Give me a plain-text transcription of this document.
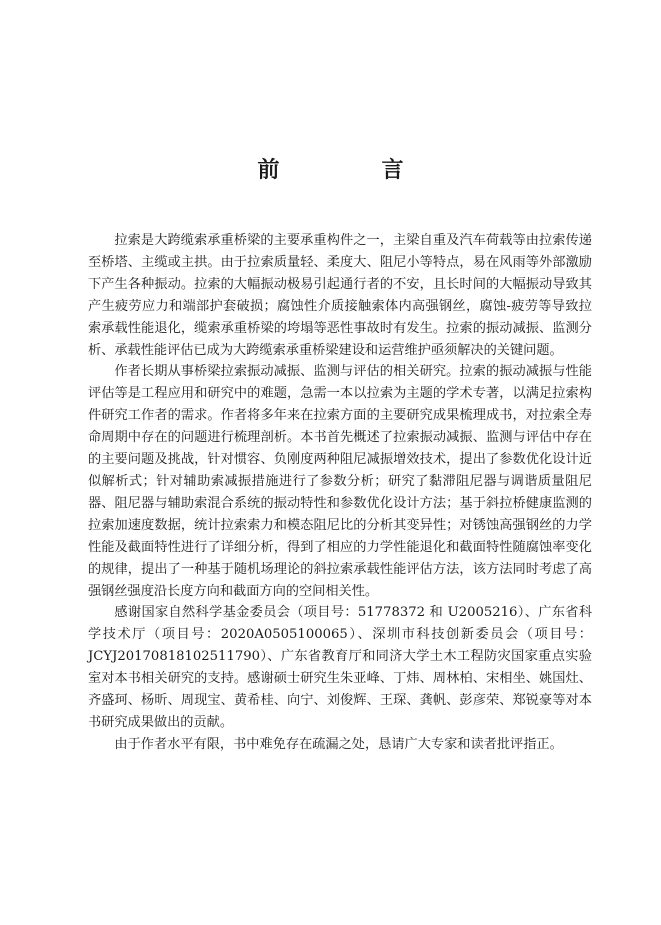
前　言

拉索是大跨缆索承重桥梁的主要承重构件之一，主梁自重及汽车荷载等由拉索传递至桥塔、主缆或主拱。由于拉索质量轻、柔度大、阻尼小等特点，易在风雨等外部激励下产生各种振动。拉索的大幅振动极易引起通行者的不安，且长时间的大幅振动导致其产生疲劳应力和端部护套破损；腐蚀性介质接触索体内高强钢丝，腐蚀-疲劳等导致拉索承载性能退化，缆索承重桥梁的垮塌等恶性事故时有发生。拉索的振动减振、监测分析、承载性能评估已成为大跨缆索承重桥梁建设和运营维护亟须解决的关键问题。

作者长期从事桥梁拉索振动减振、监测与评估的相关研究。拉索的振动减振与性能评估等是工程应用和研究中的难题，急需一本以拉索为主题的学术专著，以满足拉索构件研究工作者的需求。作者将多年来在拉索方面的主要研究成果梳理成书，对拉索全寿命周期中存在的问题进行梳理剖析。本书首先概述了拉索振动减振、监测与评估中存在的主要问题及挑战，针对惯容、负刚度两种阻尼减振增效技术，提出了参数优化设计近似解析式；针对辅助索减振措施进行了参数分析；研究了黏滞阻尼器与调谐质量阻尼器、阻尼器与辅助索混合系统的振动特性和参数优化设计方法；基于斜拉桥健康监测的拉索加速度数据，统计拉索索力和模态阻尼比的分析其变异性；对锈蚀高强钢丝的力学性能及截面特性进行了详细分析，得到了相应的力学性能退化和截面特性随腐蚀率变化的规律，提出了一种基于随机场理论的斜拉索承载性能评估方法，该方法同时考虑了高强钢丝强度沿长度方向和截面方向的空间相关性。

感谢国家自然科学基金委员会（项目号：51778372 和 U2005216）、广东省科学技术厅（项目号：2020A0505100065）、深圳市科技创新委员会（项目号：JCYJ20170818102511790）、广东省教育厅和同济大学土木工程防灾国家重点实验室对本书相关研究的支持。感谢硕士研究生朱亚峰、丁炜、周林柏、宋相坐、姚国灶、齐盛珂、杨昕、周现宝、黄希桂、向宁、刘俊辉、王琛、龚帆、彭彦荣、郑锐豪等对本书研究成果做出的贡献。

由于作者水平有限，书中难免存在疏漏之处，恳请广大专家和读者批评指正。
